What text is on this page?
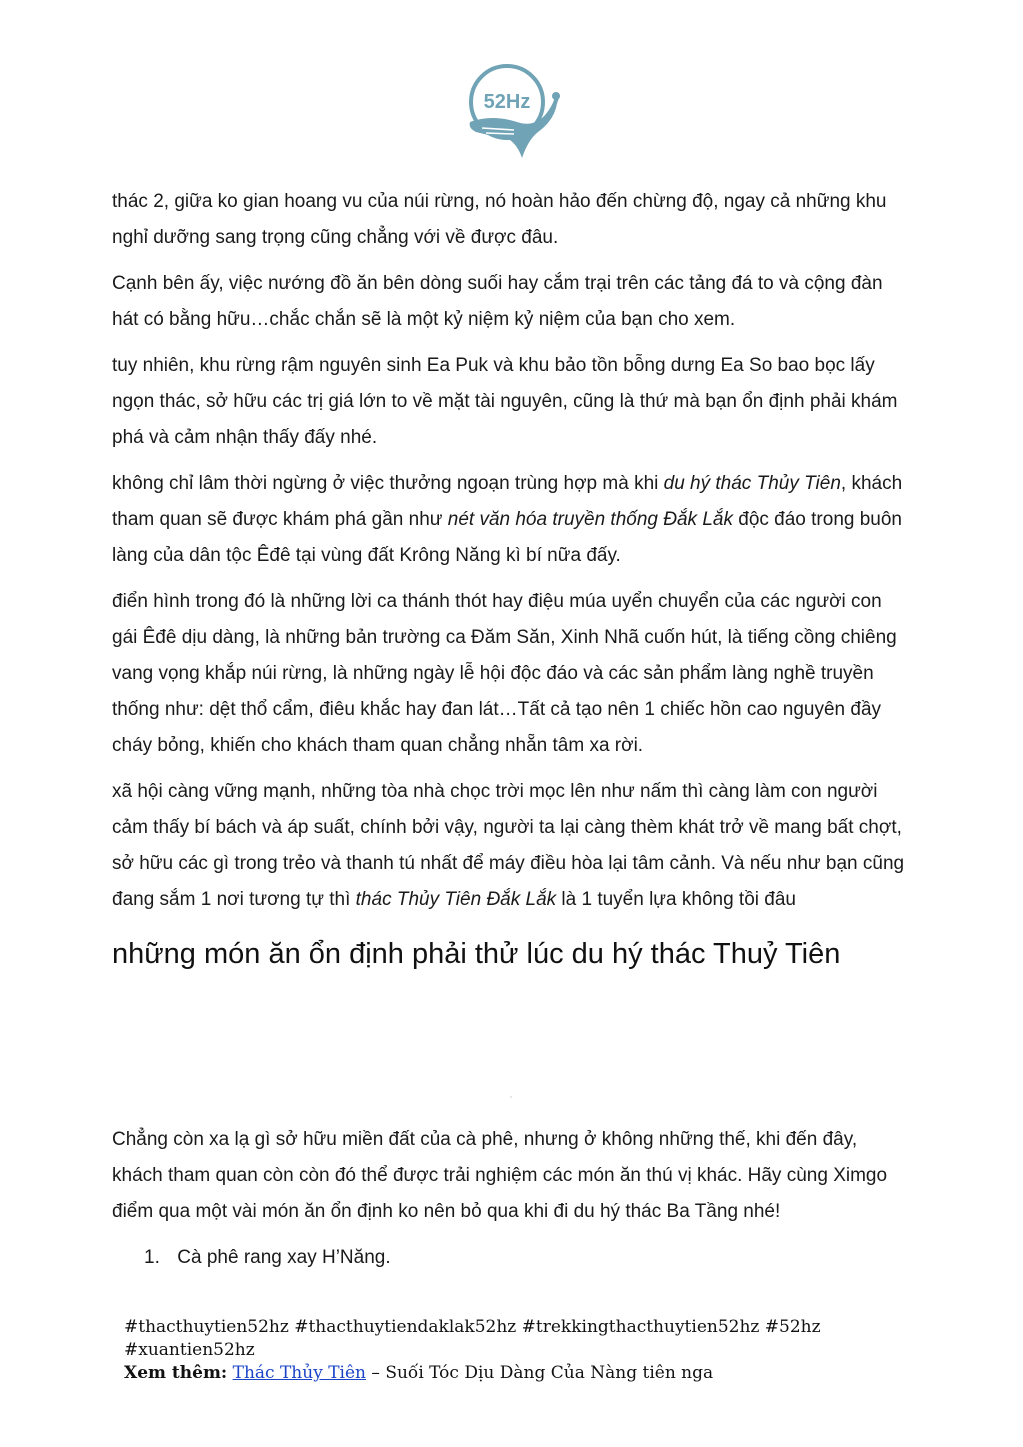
52Hz

thác 2, giữa ko gian hoang vu của núi rừng, nó hoàn hảo đến chừng độ, ngay cả những khu nghỉ dưỡng sang trọng cũng chẳng với về được đâu.

Cạnh bên ấy, việc nướng đồ ăn bên dòng suối hay cắm trại trên các tảng đá to và cộng đàn hát có bằng hữu…chắc chắn sẽ là một kỷ niệm kỷ niệm của bạn cho xem.

tuy nhiên, khu rừng rậm nguyên sinh Ea Puk và khu bảo tồn bỗng dưng Ea So bao bọc lấy ngọn thác, sở hữu các trị giá lớn to về mặt tài nguyên, cũng là thứ mà bạn ổn định phải khám phá và cảm nhận thấy đấy nhé.

không chỉ lâm thời ngừng ở việc thưởng ngoạn trùng hợp mà khi du hý thác Thủy Tiên, khách tham quan sẽ được khám phá gần như nét văn hóa truyền thống Đắk Lắk độc đáo trong buôn làng của dân tộc Êđê tại vùng đất Krông Năng kì bí nữa đấy.

điển hình trong đó là những lời ca thánh thót hay điệu múa uyển chuyển của các người con gái Êđê dịu dàng, là những bản trường ca Đăm Săn, Xinh Nhã cuốn hút, là tiếng cồng chiêng vang vọng khắp núi rừng, là những ngày lễ hội độc đáo và các sản phẩm làng nghề truyền thống như: dệt thổ cẩm, điêu khắc hay đan lát…Tất cả tạo nên 1 chiếc hồn cao nguyên đầy cháy bỏng, khiến cho khách tham quan chẳng nhẵn tâm xa rời.

xã hội càng vững mạnh, những tòa nhà chọc trời mọc lên như nấm thì càng làm con người cảm thấy bí bách và áp suất, chính bởi vậy, người ta lại càng thèm khát trở về mang bất chợt, sở hữu các gì trong trẻo và thanh tú nhất để máy điều hòa lại tâm cảnh. Và nếu như bạn cũng đang sắm 1 nơi tương tự thì thác Thủy Tiên Đắk Lắk là 1 tuyển lựa không tồi đâu

những món ăn ổn định phải thử lúc du hý thác Thuỷ Tiên

Chẳng còn xa lạ gì sở hữu miền đất của cà phê, nhưng ở không những thế, khi đến đây, khách tham quan còn còn đó thể được trải nghiệm các món ăn thú vị khác. Hãy cùng Ximgo điểm qua một vài món ăn ổn định ko nên bỏ qua khi đi du hý thác Ba Tầng nhé!

1. Cà phê rang xay H’Năng.
#thacthuytien52hz #thacthuytiendaklak52hz #trekkingthacthuytien52hz #52hz #xuantien52hz
Xem thêm: Thác Thủy Tiên – Suối Tóc Dịu Dàng Của Nàng tiên nga
